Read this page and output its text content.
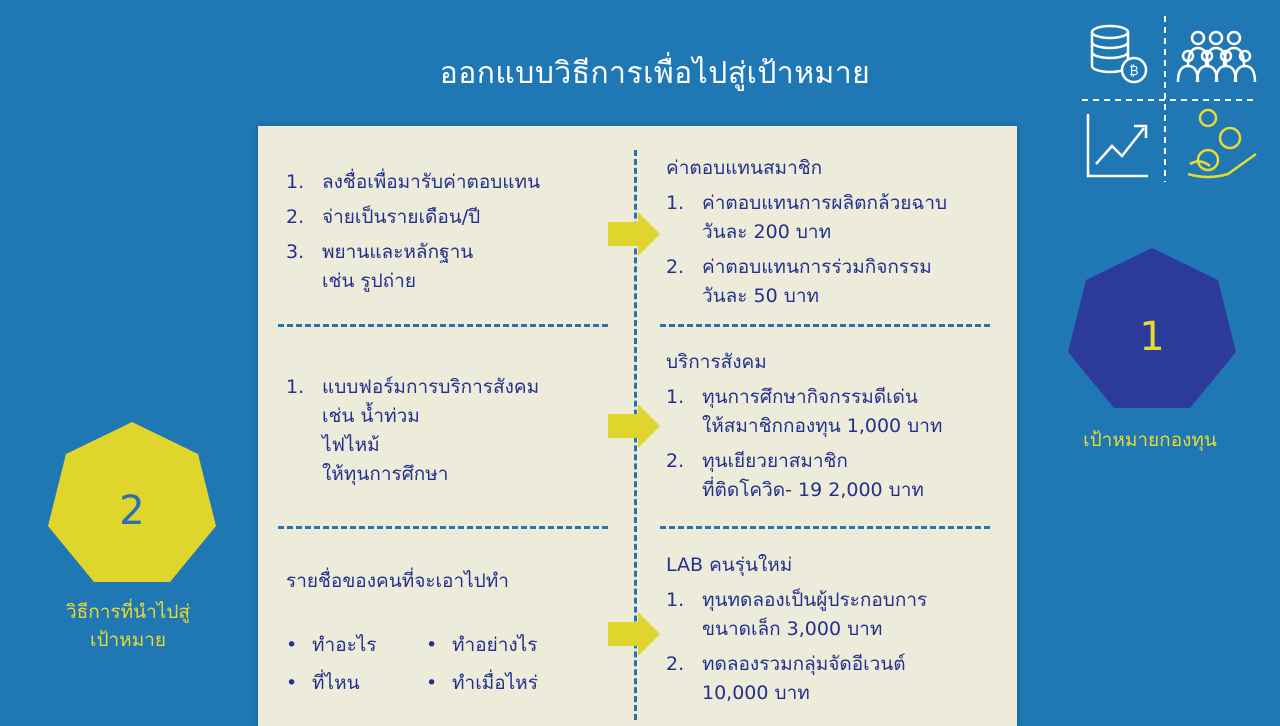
ออกแบบวิธีการเพื่อไปสู่เป้าหมาย	₿
1. ลงชื่อเพื่อมารับค่าตอบแทน
2. จ่ายเป็นรายเดือน/ปี
3. พยานและหลักฐาน
เช่น รูปถ่าย
1. แบบฟอร์มการบริการสังคม
เช่น น้ำท่วม
ไฟไหม้
ให้ทุนการศึกษา
รายชื่อของคนที่จะเอาไปทำ
• ทำอะไร	• ทำอย่างไร
• ที่ไหน	• ทำเมื่อไหร่
ค่าตอบแทนสมาชิก
1. ค่าตอบแทนการผลิตกล้วยฉาบ
วันละ 200 บาท
2. ค่าตอบแทนการร่วมกิจกรรม
วันละ 50 บาท
บริการสังคม
1. ทุนการศึกษากิจกรรมดีเด่น
ให้สมาชิกกองทุน 1,000 บาท
2. ทุนเยียวยาสมาชิก
ที่ติดโควิด- 19 2,000 บาท
LAB คนรุ่นใหม่
1. ทุนทดลองเป็นผู้ประกอบการ
ขนาดเล็ก 3,000 บาท
2. ทดลองรวมกลุ่มจัดอีเวนต์
10,000 บาท
1
เป้าหมายกองทุน
2
วิธีการที่นำไปสู่
เป้าหมาย
